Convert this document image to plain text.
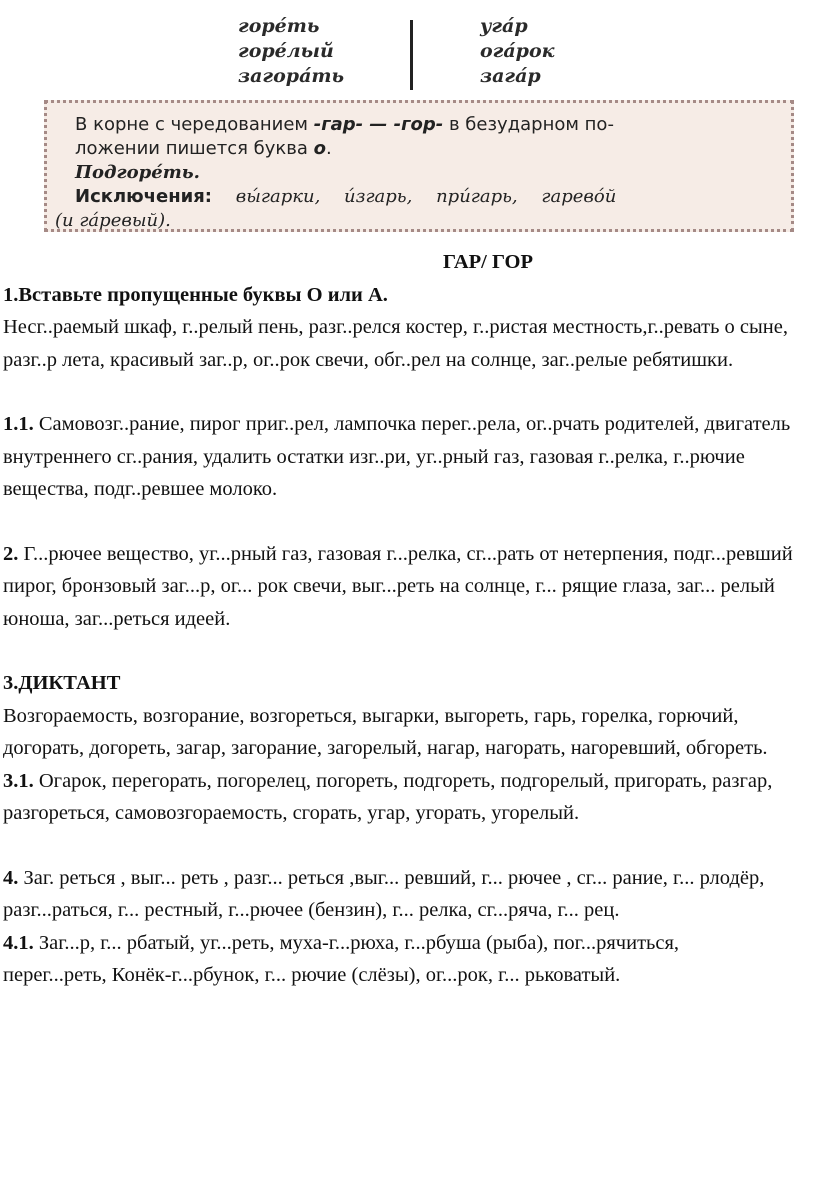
горе́ть
горе́лый
загора́ть
уга́р
ога́рок
зага́р
В корне с чередованием -гар- — -гор- в безударном по-
ложении пишется буква о.
Подгоре́ть.
Исключения: вы́гарки, и́згарь, при́гарь, гарево́й
(и га́ревый).
ГАР/ ГОР

1.Вставьте пропущенные буквы О или А.

Несг..раемый шкаф, г..релый пень, разг..релся костер, г..ристая местность,г..ревать о сыне, разг..р лета, красивый заг..р, ог..рок свечи, обг..рел на солнце, заг..релые ребятишки.

1.1. Самовозг..рание, пирог приг..рел, лампочка перег..рела, ог..рчать родителей, двигатель внутреннего сг..рания, удалить остатки изг..ри, уг..рный газ, газовая г..релка, г..рючие вещества, подг..ревшее молоко.

2. Г...рючее вещество, уг...рный газ, газовая г...релка, сг...рать от нетерпения, подг...ревший пирог, бронзовый заг...р, ог... рок свечи, выг...реть на солнце, г... рящие глаза, заг... релый юноша, заг...реться идеей.

3.ДИКТАНТ

Возгораемость, возгорание, возгореться, выгарки, выгореть, гарь, горелка, горючий, догорать, догореть, загар, загорание, загорелый, нагар, нагорать, нагоревший, обгореть.

3.1. Огарок, перегорать, погорелец, погореть, подгореть, подгорелый, пригорать, разгар, разгореться, самовозгораемость, сгорать, угар, угорать, угорелый.

4. Заг. реться , выг... реть , разг... реться ,выг... ревший, г... рючее , сг... рание, г... рлодёр, разг...раться, г... рестный, г...рючее (бензин), г... релка, сг...ряча, г... рец.

4.1. Заг...р, г... рбатый, уг...реть, муха-г...рюха, г...рбуша (рыба), пог...рячиться,

перег...реть, Конёк-г...рбунок, г... рючие (слёзы), ог...рок, г... рьковатый.
